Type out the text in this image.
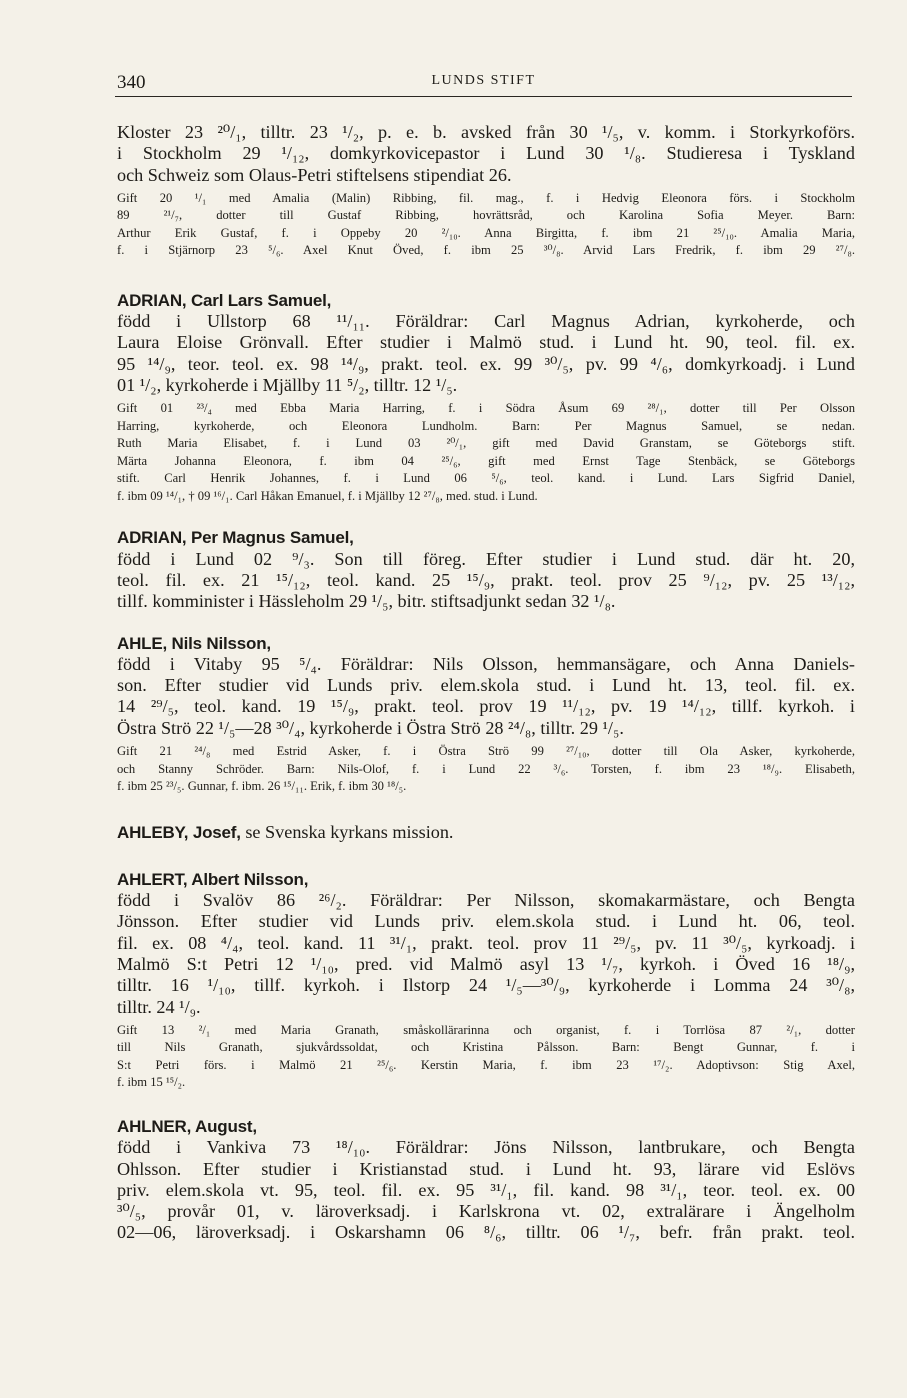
340	LUNDS STIFT
Kloster 23 ²⁰/₁, tilltr. 23 ¹/₂, p. e. b. avsked från 30 ¹/₅, v. komm. i Storkyrkoförs.
i Stockholm 29 ¹/₁₂, domkyrkovicepastor i Lund 30 ¹/₈. Studieresa i Tyskland
och Schweiz som Olaus-Petri stiftelsens stipendiat 26.
Gift 20 ¹/₁ med Amalia (Malin) Ribbing, fil. mag., f. i Hedvig Eleonora förs. i Stockholm
89 ²¹/₇, dotter till Gustaf Ribbing, hovrättsråd, och Karolina Sofia Meyer. Barn:
Arthur Erik Gustaf, f. i Oppeby 20 ²/₁₀. Anna Birgitta, f. ibm 21 ²⁵/₁₀. Amalia Maria,
f. i Stjärnorp 23 ⁵/₆. Axel Knut Öved, f. ibm 25 ³⁰/₈. Arvid Lars Fredrik, f. ibm 29 ²⁷/₈.
ADRIAN, Carl Lars Samuel,
född i Ullstorp 68 ¹¹/₁₁. Föräldrar: Carl Magnus Adrian, kyrkoherde, och
Laura Eloise Grönvall. Efter studier i Malmö stud. i Lund ht. 90, teol. fil. ex.
95 ¹⁴/₉, teor. teol. ex. 98 ¹⁴/₉, prakt. teol. ex. 99 ³⁰/₅, pv. 99 ⁴/₆, domkyrkoadj. i Lund
01 ¹/₂, kyrkoherde i Mjällby 11 ⁵/₂, tilltr. 12 ¹/₅.
Gift 01 ²³/₄ med Ebba Maria Harring, f. i Södra Åsum 69 ²⁸/₁, dotter till Per Olsson
Harring, kyrkoherde, och Eleonora Lundholm. Barn: Per Magnus Samuel, se nedan.
Ruth Maria Elisabet, f. i Lund 03 ²⁰/₁, gift med David Granstam, se Göteborgs stift.
Märta Johanna Eleonora, f. ibm 04 ²⁵/₆, gift med Ernst Tage Stenbäck, se Göteborgs
stift. Carl Henrik Johannes, f. i Lund 06 ⁵/₆, teol. kand. i Lund. Lars Sigfrid Daniel,
f. ibm 09 ¹⁴/₁, † 09 ¹⁶/₁. Carl Håkan Emanuel, f. i Mjällby 12 ²⁷/₈, med. stud. i Lund.
ADRIAN, Per Magnus Samuel,
född i Lund 02 ⁹/₃. Son till föreg. Efter studier i Lund stud. där ht. 20,
teol. fil. ex. 21 ¹⁵/₁₂, teol. kand. 25 ¹⁵/₉, prakt. teol. prov 25 ⁹/₁₂, pv. 25 ¹³/₁₂,
tillf. komminister i Hässleholm 29 ¹/₅, bitr. stiftsadjunkt sedan 32 ¹/₈.
AHLE, Nils Nilsson,
född i Vitaby 95 ⁵/₄. Föräldrar: Nils Olsson, hemmansägare, och Anna Daniels-
son. Efter studier vid Lunds priv. elem.skola stud. i Lund ht. 13, teol. fil. ex.
14 ²⁹/₅, teol. kand. 19 ¹⁵/₉, prakt. teol. prov 19 ¹¹/₁₂, pv. 19 ¹⁴/₁₂, tillf. kyrkoh. i
Östra Strö 22 ¹/₅—28 ³⁰/₄, kyrkoherde i Östra Strö 28 ²⁴/₈, tilltr. 29 ¹/₅.
Gift 21 ²⁴/₈ med Estrid Asker, f. i Östra Strö 99 ²⁷/₁₀, dotter till Ola Asker, kyrkoherde,
och Stanny Schröder. Barn: Nils-Olof, f. i Lund 22 ³/₆. Torsten, f. ibm 23 ¹⁸/₉. Elisabeth,
f. ibm 25 ²³/₅. Gunnar, f. ibm. 26 ¹⁵/₁₁. Erik, f. ibm 30 ¹⁸/₅.
AHLEBY, Josef, se Svenska kyrkans mission.
AHLERT, Albert Nilsson,
född i Svalöv 86 ²⁶/₂. Föräldrar: Per Nilsson, skomakarmästare, och Bengta
Jönsson. Efter studier vid Lunds priv. elem.skola stud. i Lund ht. 06, teol.
fil. ex. 08 ⁴/₄, teol. kand. 11 ³¹/₁, prakt. teol. prov 11 ²⁹/₅, pv. 11 ³⁰/₅, kyrkoadj. i
Malmö S:t Petri 12 ¹/₁₀, pred. vid Malmö asyl 13 ¹/₇, kyrkoh. i Öved 16 ¹⁸/₉,
tilltr. 16 ¹/₁₀, tillf. kyrkoh. i Ilstorp 24 ¹/₅—³⁰/₉, kyrkoherde i Lomma 24 ³⁰/₈,
tilltr. 24 ¹/₉.
Gift 13 ²/₁ med Maria Granath, småskollärarinna och organist, f. i Torrlösa 87 ²/₁, dotter
till Nils Granath, sjukvårdssoldat, och Kristina Pålsson. Barn: Bengt Gunnar, f. i
S:t Petri förs. i Malmö 21 ²⁵/₆. Kerstin Maria, f. ibm 23 ¹⁷/₂. Adoptivson: Stig Axel,
f. ibm 15 ¹⁵/₂.
AHLNER, August,
född i Vankiva 73 ¹⁸/₁₀. Föräldrar: Jöns Nilsson, lantbrukare, och Bengta
Ohlsson. Efter studier i Kristianstad stud. i Lund ht. 93, lärare vid Eslövs
priv. elem.skola vt. 95, teol. fil. ex. 95 ³¹/₁, fil. kand. 98 ³¹/₁, teor. teol. ex. 00
³⁰/₅, provår 01, v. läroverksadj. i Karlskrona vt. 02, extralärare i Ängelholm
02—06, läroverksadj. i Oskarshamn 06 ⁸/₆, tilltr. 06 ¹/₇, befr. från prakt. teol.
